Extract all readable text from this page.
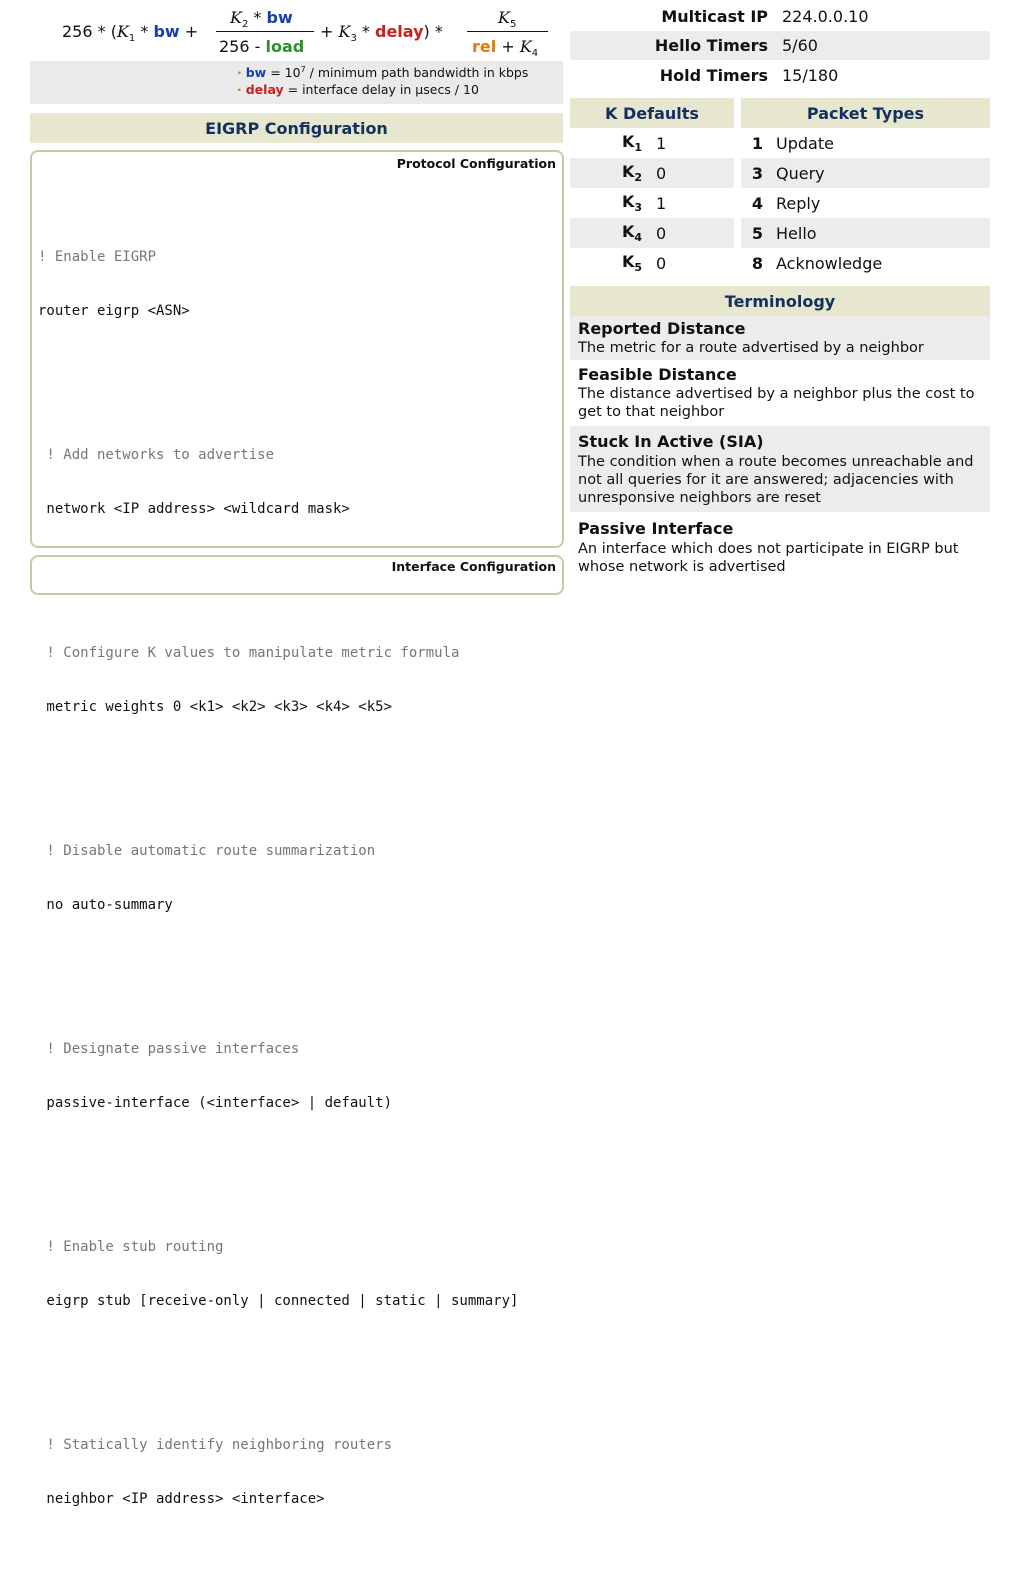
$256 * (K_1$ * bw +
$K_2$ * bw
256 - load
+ $K_3$ * delay) *
$K_5$
rel + $K_4$
· bw = $10^7$ / minimum path bandwidth in kbps
· delay = interface delay in μsecs / 10
EIGRP Configuration
Protocol Configuration

! Enable EIGRP

router eigrp <ASN>

! Add networks to advertise

network <IP address> <wildcard mask>

! Configure K values to manipulate metric formula

metric weights 0 <k1> <k2> <k3> <k4> <k5>

! Disable automatic route summarization

no auto-summary

! Designate passive interfaces

passive-interface (<interface> | default)

! Enable stub routing

eigrp stub [receive-only | connected | static | summary]

! Statically identify neighboring routers

neighbor <IP address> <interface>

Interface Configuration
Multicast IP 224.0.0.10
Hello Timers 5/60
Hold Timers 15/180
K Defaults
$K_1$ 1
$K_2$ 0
$K_3$ 1
$K_4$ 0
$K_5$ 0
Packet Types
1 Update
3 Query
4 Reply
5 Hello
8 Acknowledge
Terminology
Reported Distance
The metric for a route advertised by a neighbor
Feasible Distance
The distance advertised by a neighbor plus the cost to get to that neighbor
Stuck In Active (SIA)
The condition when a route becomes unreachable and not all queries for it are answered; adjacencies with unresponsive neighbors are reset
Passive Interface
An interface which does not participate in EIGRP but whose network is advertised
